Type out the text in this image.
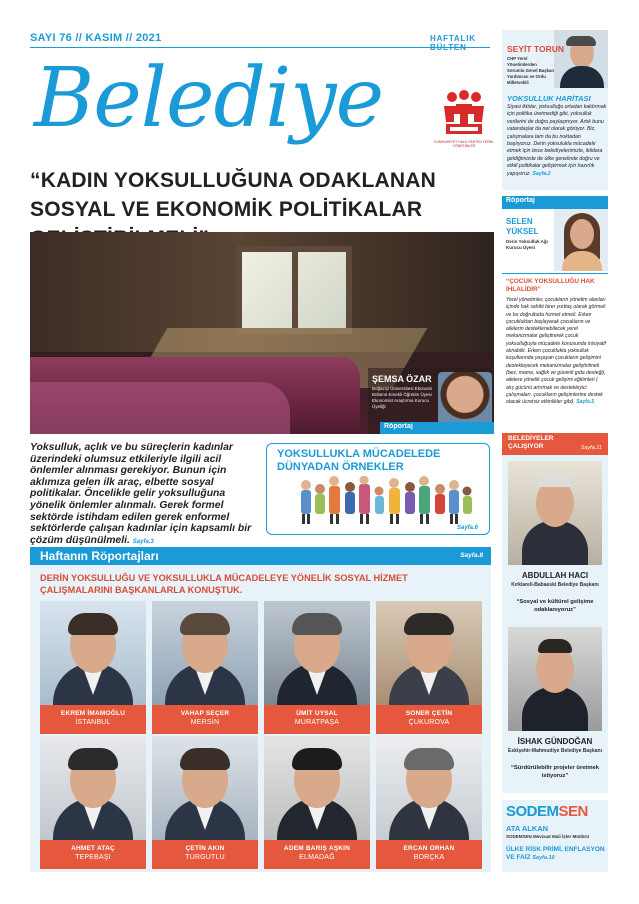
SAYI 76 // KASIM // 2021	HAFTALIK
Belediye	CUMHURİYET HALK PARTİSİ YEREL YÖNETİMLER
“KADIN YOKSULLUĞUNA ODAKLANAN SOSYAL VE EKONOMİK POLİTİKALAR
ŞEMSA ÖZAR
Boğaziçi Üniversitesi Ekonomi Bölümü Emekli Öğretim Üyesi Ekonomist Araştırma Kurucu Üyeliği
Röportaj
Yoksulluk, açlık ve bu süreçlerin kadınlar üzerindeki olumsuz etkileriyle ilgili acil önlemler alınması gerekiyor. Bunun için aklımıza gelen ilk araç, elbette sosyal politikalar. Öncelikle gelir yoksulluğuna yönelik önlemler alınmalı. Gerek formel sektörde istihdam edilen gerek enformel sektörlerde çalışan kadınlar için kapsamlı bir çözüm düşünülmeli. Sayfa.3
YOKSULLUKLA MÜCADELEDE DÜNYADAN ÖRNEKLER
Sayfa.6
Haftanın Röportajları	Sayfa.8
DERİN YOKSULLUĞU VE YOKSULLUKLA MÜCADELEYE YÖNELİK SOSYAL HİZMET ÇALIŞMALARINI BAŞKANLARLA KONUŞTUK.
EKREM İMAMOĞLU
İSTANBUL
VAHAP SEÇER
MERSİN
ÜMİT UYSAL
MURATPAŞA
SONER ÇETİN
ÇUKUROVA
AHMET ATAÇ
TEPEBAŞI
ÇETİN AKIN
TURGUTLU
ADEM BARIŞ AŞKIN
ELMADAĞ
ERCAN ORHAN
BORÇKA
SEYİT TORUN
CHP Yerel Yönetimlerden Sorumlu Genel Başkan Yardımcısı ve Ordu Milletvekili
YOKSULLUK HARİTASI
Siyasi iktidar, yoksulluğu ortadan kaldırmak için politika üretmediği gibi, yoksulluk verilerini de doğru paylaşmıyor. Artık bunu vatandaşlar da net olarak görüyor. Biz, çalışmalara tam da bu noktadan başlıyoruz. Derin yoksulukla mücadele etmek için önce belediyelerimizle, iktidara geldiğimizde de ülke genelinde doğru ve etkili politikalar geliştirmek için hazırlık yapıyoruz. Sayfa.2
Röportaj
SELEN YÜKSEL
Derin Yoksulluk Ağı Kurucu Üyesi
“ÇOCUK YOKSULLUĞU HAK İHLALİDİR”
Yerel yönetimler, çocukların yönetim alanları içinde hak sahibi birer yurttaş olarak görmeli ve bu doğrultuda hizmet etmeli. Erken çocukluktan başlayarak çocukların ve ailelerin desteklenebilecek yerel mekanizmalar geliştirerek çocuk yoksulluğuyla mücadele konusunda inisiyatif alınabilir. Erken çocuklukta yoksulluk koşullarında yaşayan çocukların gelişimini destekleyecek mekanizmalar geliştirilmeli (bez, mama, sağlık ve güvenli gıda desteği), ailelere yönelik çocuk gelişimi eğitimleri ( alış gücünü artırmak ve destekleyici çalışmaları, çocukların gelişimlerine destek olacak ücretsiz etkinlikler gibi). Sayfa.5
BELEDİYELER ÇALIŞIYOR	Sayfa.11
ABDULLAH HACI
Kırklareli-Babaeski Belediye Başkanı
“Sosyal ve kültürel gelişime odaklanıyoruz”
İSHAK GÜNDOĞAN
Eskişehir-Mahmudiye Belediye Başkanı
“Sürdürülebilir projeler üretmek istiyoruz”
SODEMSEN
ATA ALKAN
SODEMSEN Mevzuat Mali İşler Müdürü
ÜLKE RİSK PRİMİ, ENFLASYON VE FAİZ Sayfa.10
